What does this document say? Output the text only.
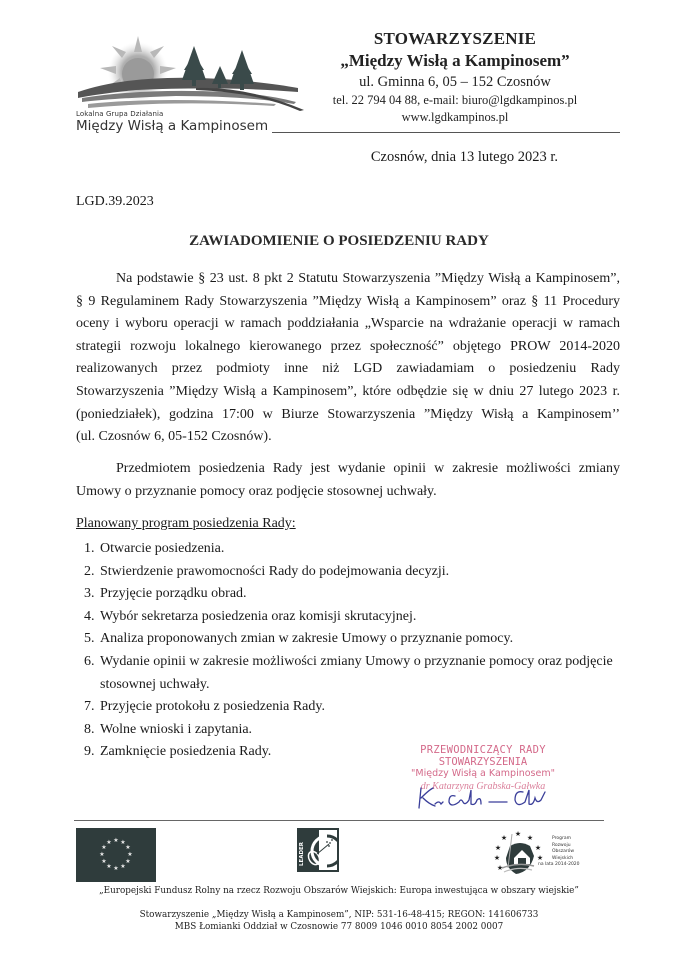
Lokalna Grupa Działania
Między Wisłą a Kampinosem
STOWARZYSZENIE
„Między Wisłą a Kampinosem”
ul. Gminna 6, 05 – 152 Czosnów
tel. 22 794 04 88, e-mail: biuro@lgdkampinos.pl
www.lgdkampinos.pl
Czosnów, dnia 13 lutego 2023 r.
LGD.39.2023
ZAWIADOMIENIE O POSIEDZENIU RADY
Na podstawie § 23 ust. 8 pkt 2 Statutu Stowarzyszenia ”Między Wisłą a Kampinosem”,
§ 9 Regulaminem Rady Stowarzyszenia ”Między Wisłą a Kampinosem” oraz § 11 Procedury
oceny i wyboru operacji w ramach poddziałania „Wsparcie na wdrażanie operacji w ramach
strategii rozwoju lokalnego kierowanego przez społeczność” objętego PROW 2014-2020
realizowanych przez podmioty inne niż LGD zawiadamiam o posiedzeniu Rady
Stowarzyszenia ”Między Wisłą a Kampinosem”, które odbędzie się w dniu 27 lutego 2023 r.
(poniedziałek), godzina 17:00 w Biurze Stowarzyszenia ”Między Wisłą a Kampinosem’’
(ul. Czosnów 6, 05-152 Czosnów).
Przedmiotem posiedzenia Rady jest wydanie opinii w zakresie możliwości zmiany
Umowy o przyznanie pomocy oraz podjęcie stosownej uchwały.
Planowany program posiedzenia Rady:
1. Otwarcie posiedzenia.
2. Stwierdzenie prawomocności Rady do podejmowania decyzji.
3. Przyjęcie porządku obrad.
4. Wybór sekretarza posiedzenia oraz komisji skrutacyjnej.
5. Analiza proponowanych zmian w zakresie Umowy o przyznanie pomocy.
6. Wydanie opinii w zakresie możliwości zmiany Umowy o przyznanie pomocy oraz podjęcie
stosownej uchwały.
7. Przyjęcie protokołu z posiedzenia Rady.
8. Wolne wnioski i zapytania.
9. Zamknięcie posiedzenia Rady.	PRZEWODNICZĄCY RADY
STOWARZYSZENIA
"Między Wisłą a Kampinosem"
dr Katarzyna Grabska-Gałwka
★ ★
★
★
★
★
★
★
★
★
★
★	LEADER
★ ★ ★
★	★
★	★
★
Program
Rozwoju
Obszarów
Wiejskich
na lata 2014-2020
„Europejski Fundusz Rolny na rzecz Rozwoju Obszarów Wiejskich: Europa inwestująca w obszary wiejskie”
Stowarzyszenie „Między Wisłą a Kampinosem”, NIP: 531-16-48-415; REGON: 141606733
MBS Łomianki Oddział w Czosnowie 77 8009 1046 0010 8054 2002 0007
